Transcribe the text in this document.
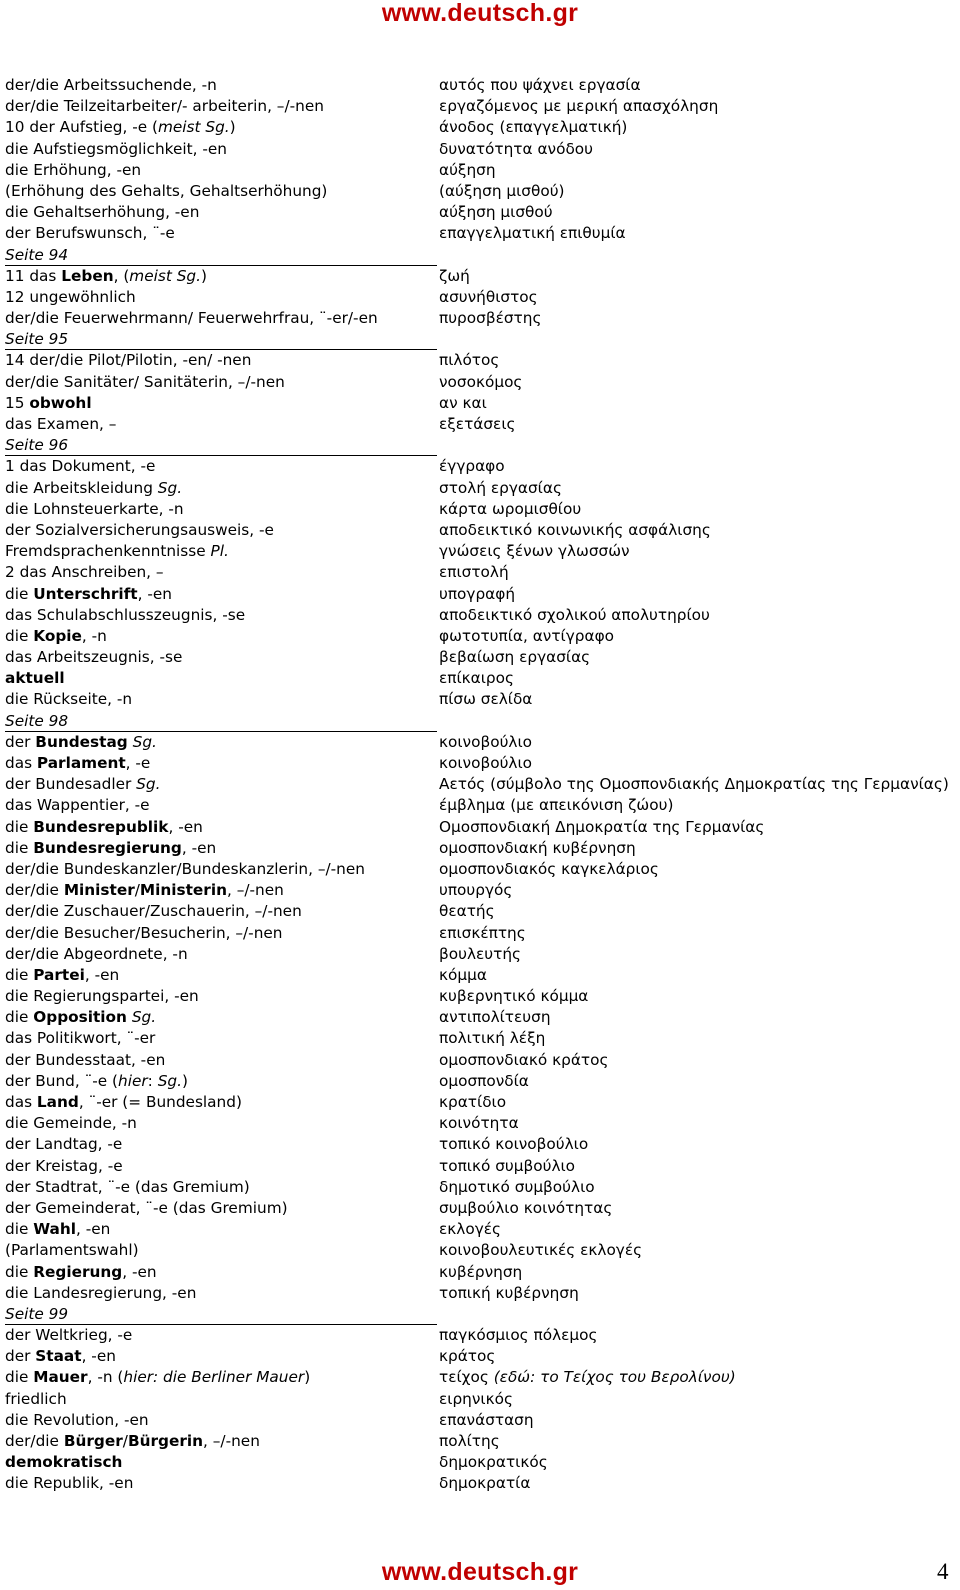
www.deutsch.gr
der/die Arbeitssuchende, -n	αυτός που ψάχνει εργασία
der/die Teilzeitarbeiter/- arbeiterin, –/-nen	εργαζόμενος με μερική απασχόληση
10 der Aufstieg, -e (meist Sg.)	άνοδος (επαγγελματική)
die Aufstiegsmöglichkeit, -en	δυνατότητα ανόδου
die Erhöhung, -en	αύξηση
(Erhöhung des Gehalts, Gehaltserhöhung)	(αύξηση μισθού)
die Gehaltserhöhung, -en	αύξηση μισθού
der Berufswunsch, ¨-e	επαγγελματική επιθυμία
Seite 94
11 das Leben, (meist Sg.)	ζωή
12 ungewöhnlich	ασυνήθιστος
der/die Feuerwehrmann/ Feuerwehrfrau, ¨-er/-en	πυροσβέστης
Seite 95
14 der/die Pilot/Pilotin, -en/ -nen	πιλότος
der/die Sanitäter/ Sanitäterin, –/-nen	νοσοκόμος
15 obwohl	αν και
das Examen, –	εξετάσεις
Seite 96
1 das Dokument, -e	έγγραφο
die Arbeitskleidung Sg.	στολή εργασίας
die Lohnsteuerkarte, -n	κάρτα ωρομισθίου
der Sozialversicherungsausweis, -e	αποδεικτικό κοινωνικής ασφάλισης
Fremdsprachenkenntnisse Pl.	γνώσεις ξένων γλωσσών
2 das Anschreiben, –	επιστολή
die Unterschrift, -en	υπογραφή
das Schulabschlusszeugnis, -se	αποδεικτικό σχολικού απολυτηρίου
die Kopie, -n	φωτοτυπία, αντίγραφο
das Arbeitszeugnis, -se	βεβαίωση εργασίας
aktuell	επίκαιρος
die Rückseite, -n	πίσω σελίδα
Seite 98
der Bundestag Sg.	κοινοβούλιο
das Parlament, -e	κοινοβούλιο
der Bundesadler Sg.	Αετός (σύμβολο της Ομοσπονδιακής Δημοκρατίας της Γερμανίας)
das Wappentier, -e	έμβλημα (με απεικόνιση ζώου)
die Bundesrepublik, -en	Ομοσπονδιακή Δημοκρατία της Γερμανίας
die Bundesregierung, -en	ομοσπονδιακή κυβέρνηση
der/die Bundeskanzler/Bundeskanzlerin, –/-nen	ομοσπονδιακός καγκελάριος
der/die Minister/Ministerin, –/-nen	υπουργός
der/die Zuschauer/Zuschauerin, –/-nen	θεατής
der/die Besucher/Besucherin, –/-nen	επισκέπτης
der/die Abgeordnete, -n	βουλευτής
die Partei, -en	κόμμα
die Regierungspartei, -en	κυβερνητικό κόμμα
die Opposition Sg.	αντιπολίτευση
das Politikwort, ¨-er	πολιτική λέξη
der Bundesstaat, -en	ομοσπονδιακό κράτος
der Bund, ¨-e (hier: Sg.)	ομοσπονδία
das Land, ¨-er (= Bundesland)	κρατίδιο
die Gemeinde, -n	κοινότητα
der Landtag, -e	τοπικό κοινοβούλιο
der Kreistag, -e	τοπικό συμβούλιο
der Stadtrat, ¨-e (das Gremium)	δημοτικό συμβούλιο
der Gemeinderat, ¨-e (das Gremium)	συμβούλιο κοινότητας
die Wahl, -en	εκλογές
(Parlamentswahl)	κοινοβουλευτικές εκλογές
die Regierung, -en	κυβέρνηση
die Landesregierung, -en	τοπική κυβέρνηση
Seite 99
der Weltkrieg, -e	παγκόσμιος πόλεμος
der Staat, -en	κράτος
die Mauer, -n (hier: die Berliner Mauer)	τείχος (εδώ: το Τείχος του Βερολίνου)
friedlich	ειρηνικός
die Revolution, -en	επανάσταση
der/die Bürger/Bürgerin, –/-nen	πολίτης
demokratisch	δημοκρατικός
die Republik, -en	δημοκρατία
www.deutsch.gr	4
